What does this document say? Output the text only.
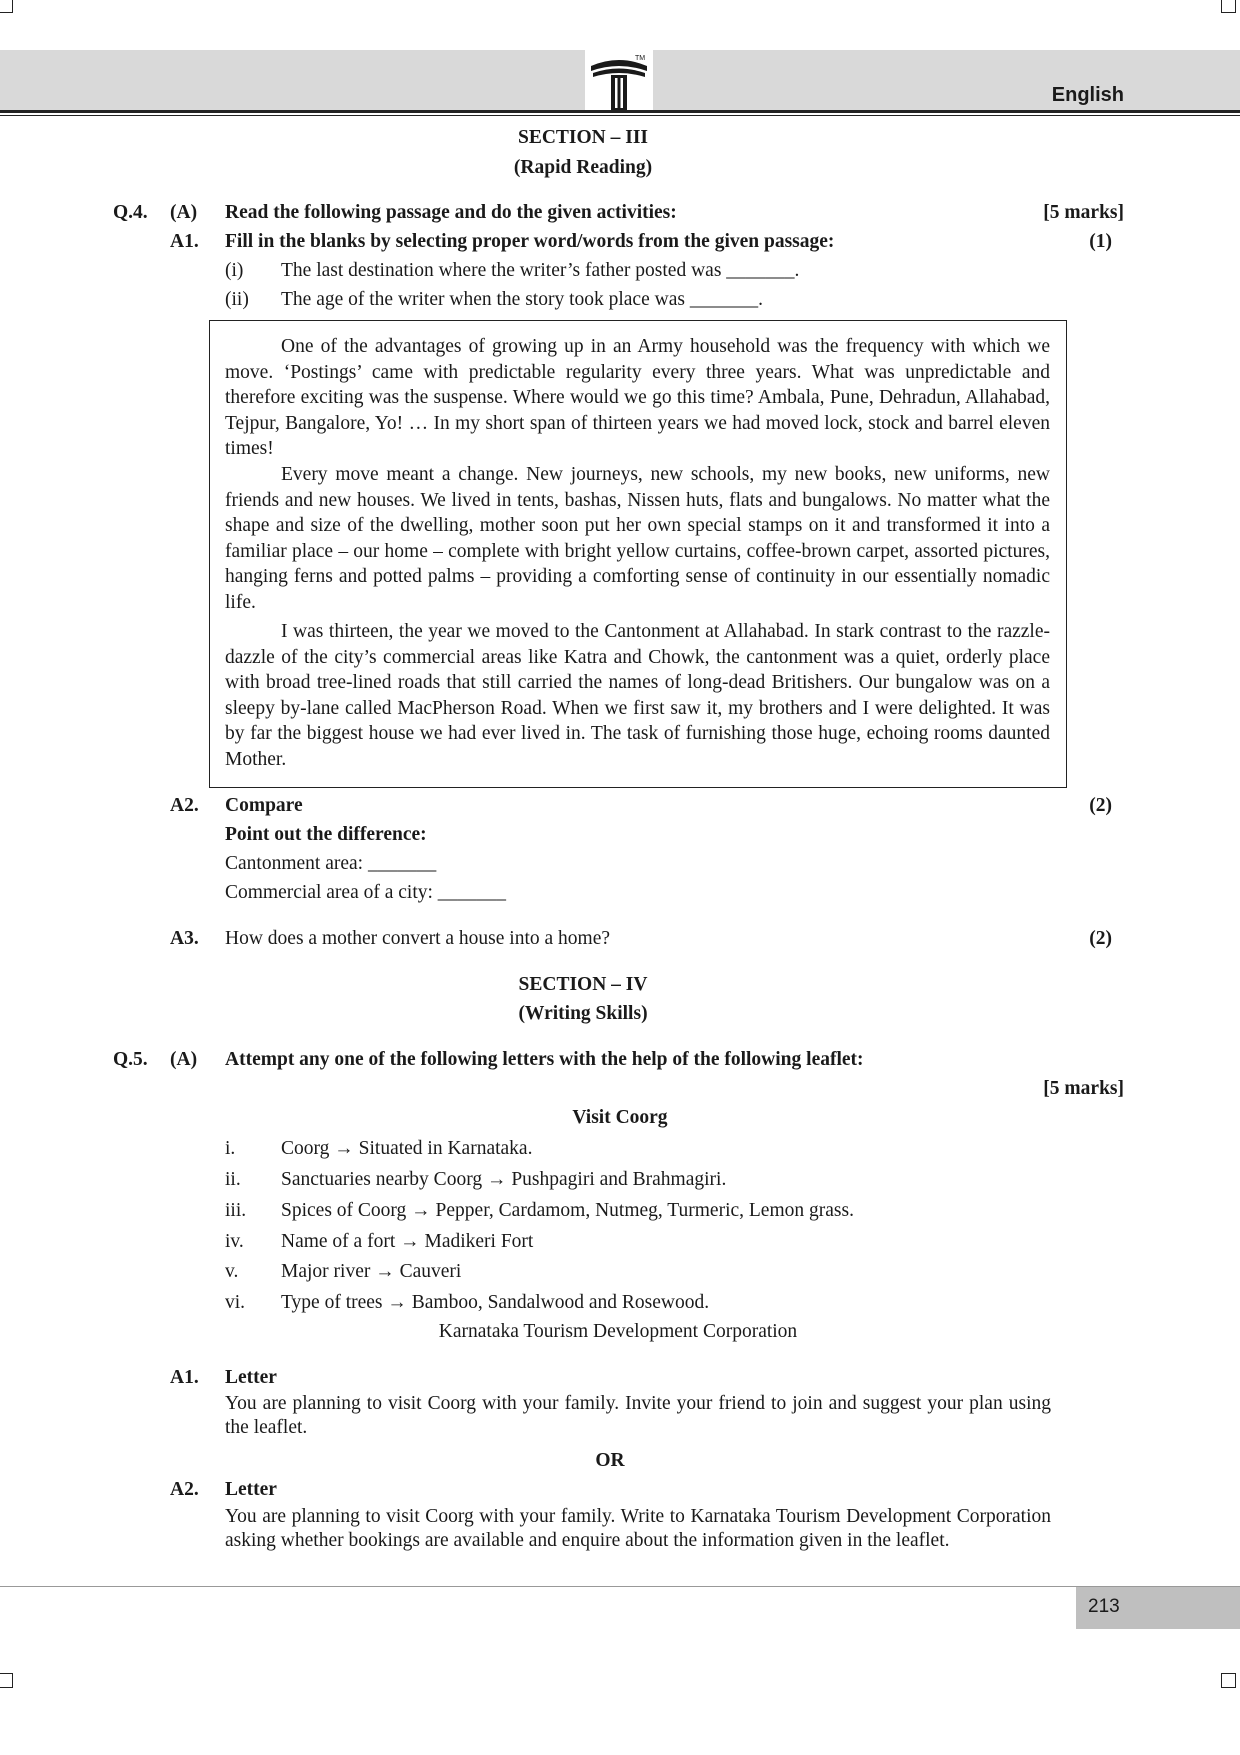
TM
English
SECTION – III
(Rapid Reading)
Q.4. (A) Read the following passage and do the given activities:	[5 marks]
A1. Fill in the blanks by selecting proper word/words from the given passage:	(1)
(i) The last destination where the writer’s father posted was _______.
(ii) The age of the writer when the story took place was _______.
One of the advantages of growing up in an Army household was the frequency with which we move. ‘Postings’ came with predictable regularity every three years. What was unpredictable and therefore exciting was the suspense. Where would we go this time? Ambala, Pune, Dehradun, Allahabad, Tejpur, Bangalore, Yo! … In my short span of thirteen years we had moved lock, stock and barrel eleven times!
Every move meant a change. New journeys, new schools, my new books, new uniforms, new friends and new houses. We lived in tents, bashas, Nissen huts, flats and bungalows. No matter what the shape and size of the dwelling, mother soon put her own special stamps on it and transformed it into a familiar place – our home – complete with bright yellow curtains, coffee-brown carpet, assorted pictures, hanging ferns and potted palms – providing a comforting sense of continuity in our essentially nomadic life.
I was thirteen, the year we moved to the Cantonment at Allahabad. In stark contrast to the razzle-dazzle of the city’s commercial areas like Katra and Chowk, the cantonment was a quiet, orderly place with broad tree-lined roads that still carried the names of long-dead Britishers. Our bungalow was on a sleepy by-lane called MacPherson Road. When we first saw it, my brothers and I were delighted. It was by far the biggest house we had ever lived in. The task of furnishing those huge, echoing rooms daunted Mother.
A2. Compare	(2)
Point out the difference:
Cantonment area: _______
Commercial area of a city: _______
A3. How does a mother convert a house into a home?	(2)
SECTION – IV
(Writing Skills)
Q.5. (A) Attempt any one of the following letters with the help of the following leaflet:
[5 marks]
Visit Coorg
i. Coorg → Situated in Karnataka.
ii. Sanctuaries nearby Coorg → Pushpagiri and Brahmagiri.
iii. Spices of Coorg → Pepper, Cardamom, Nutmeg, Turmeric, Lemon grass.
iv. Name of a fort → Madikeri Fort
v. Major river → Cauveri
vi. Type of trees → Bamboo, Sandalwood and Rosewood.
Karnataka Tourism Development Corporation
A1. Letter
You are planning to visit Coorg with your family. Invite your friend to join and suggest your plan using the leaflet.
OR
A2. Letter
You are planning to visit Coorg with your family. Write to Karnataka Tourism Development Corporation asking whether bookings are available and enquire about the information given in the leaflet.
213
